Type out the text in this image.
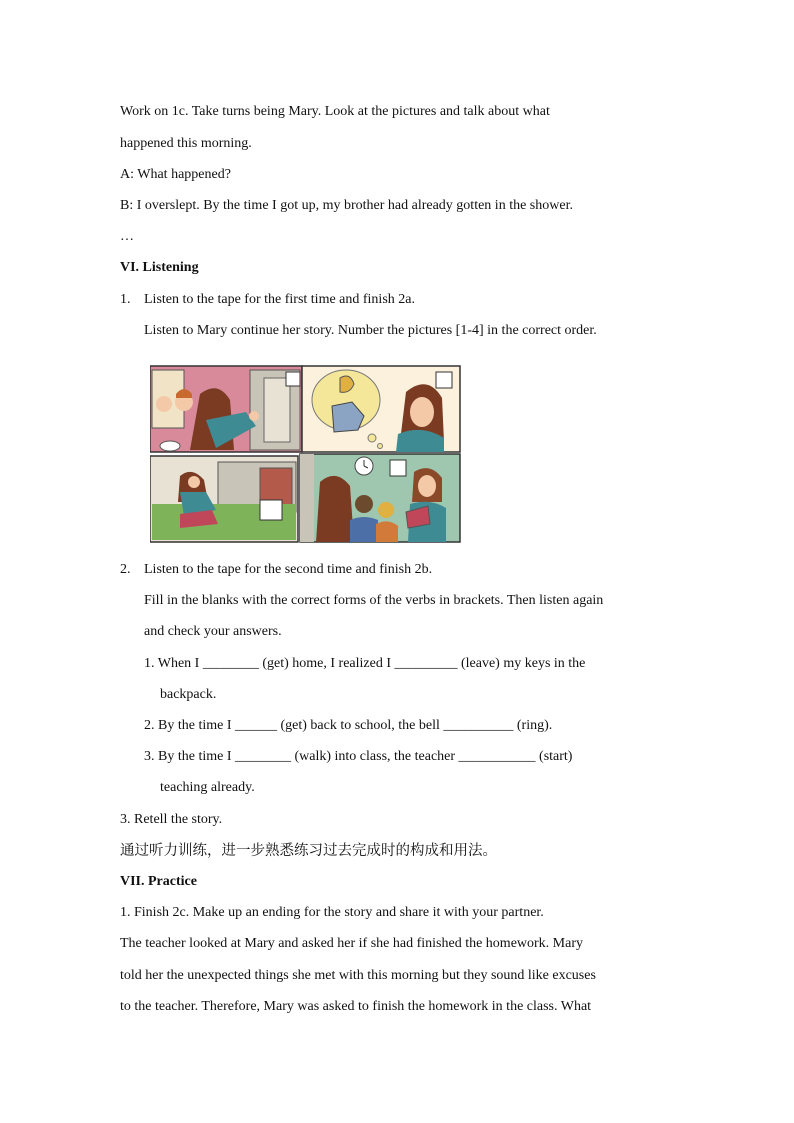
Work on 1c. Take turns being Mary. Look at the pictures and talk about what
happened this morning.
A: What happened?
B: I overslept. By the time I got up, my brother had already gotten in the shower.
…
VI. Listening
1. Listen to the tape for the first time and finish 2a.
Listen to Mary continue her story. Number the pictures [1-4] in the correct order.
2. Listen to the tape for the second time and finish 2b.
Fill in the blanks with the correct forms of the verbs in brackets. Then listen again
and check your answers.
1. When I ________ (get) home, I realized I _________ (leave) my keys in the
backpack.
2. By the time I ______ (get) back to school, the bell __________ (ring).
3. By the time I ________ (walk) into class, the teacher ___________ (start)
teaching already.
3. Retell the story.
通过听力训练，进一步熟悉练习过去完成时的构成和用法。
VII. Practice
1. Finish 2c. Make up an ending for the story and share it with your partner.
The teacher looked at Mary and asked her if she had finished the homework. Mary
told her the unexpected things she met with this morning but they sound like excuses
to the teacher. Therefore, Mary was asked to finish the homework in the class. What
